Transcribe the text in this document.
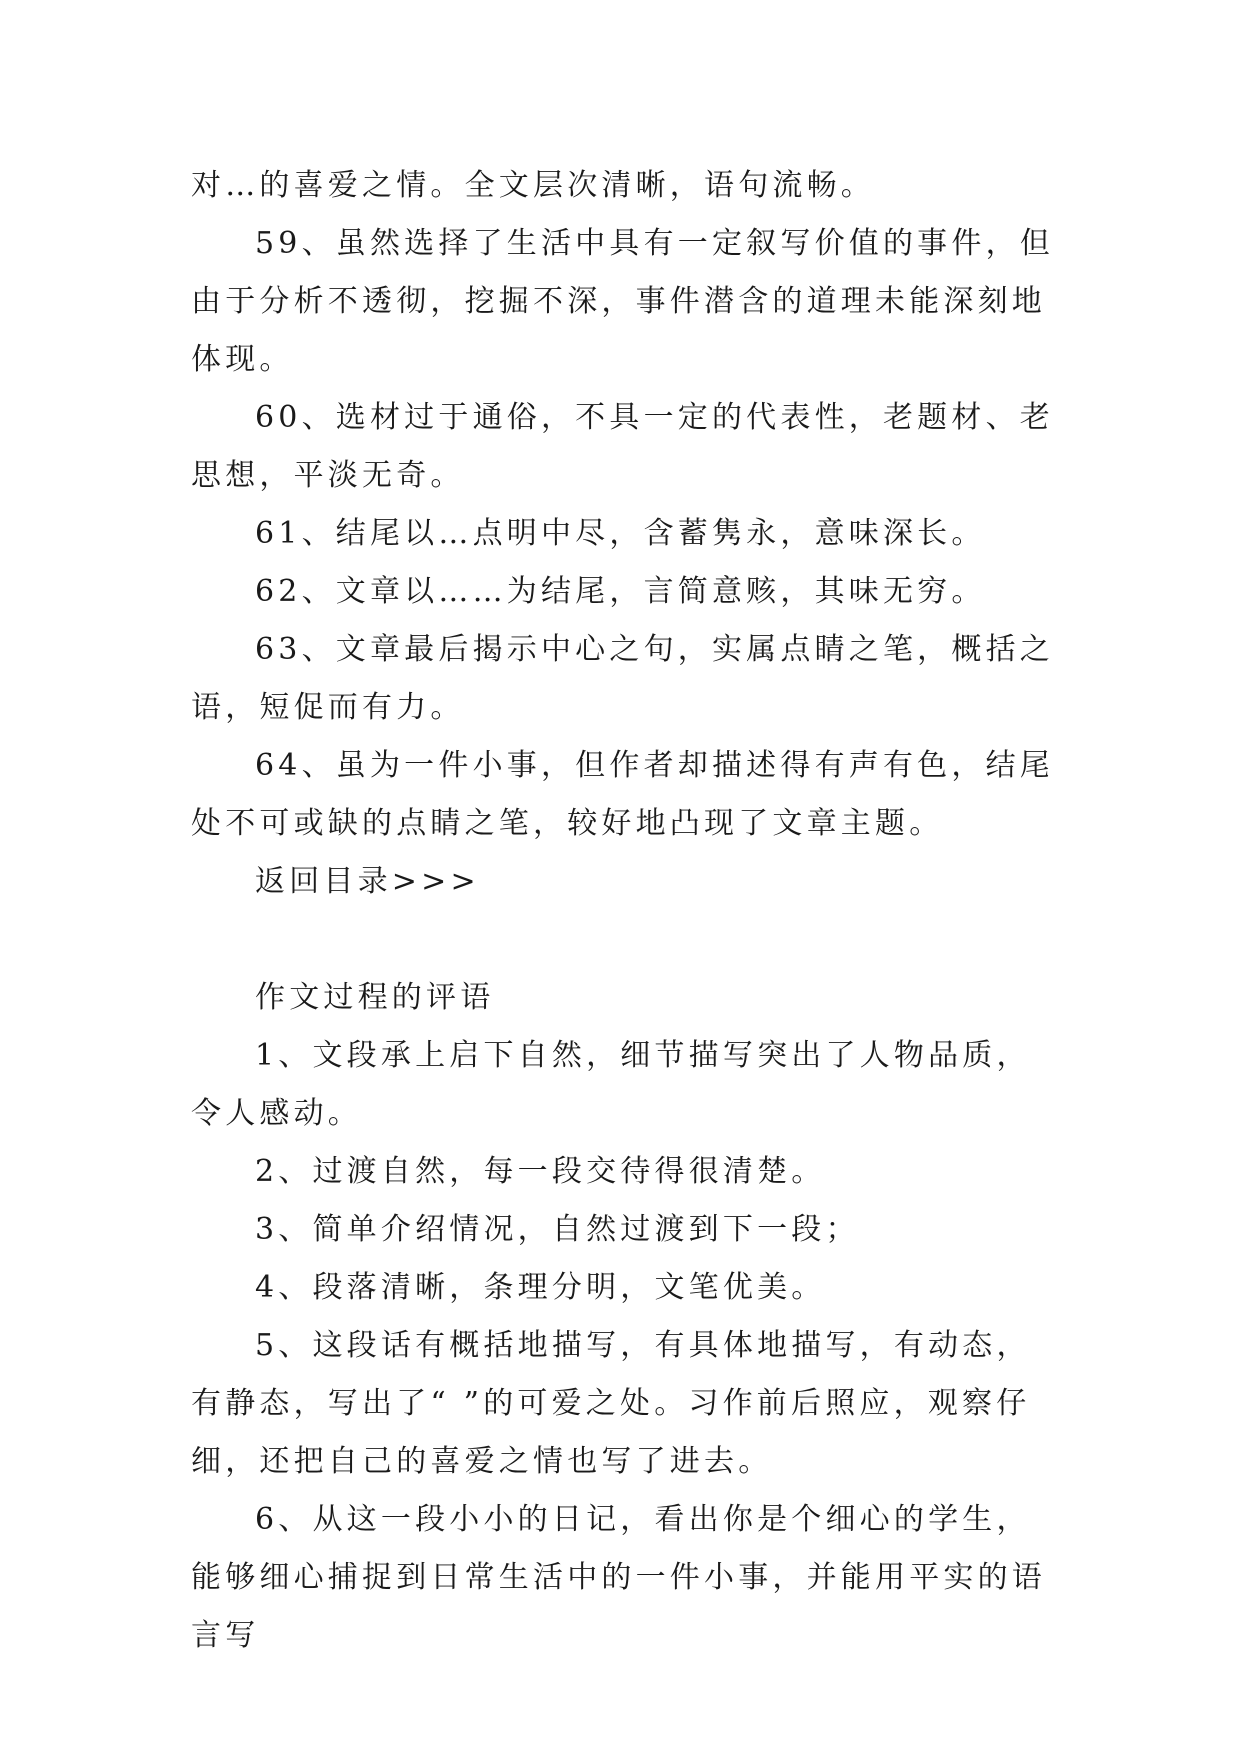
对…的喜爱之情。全文层次清晰，语句流畅。

59、虽然选择了生活中具有一定叙写价值的事件，但由于分析不透彻，挖掘不深，事件潜含的道理未能深刻地体现。

60、选材过于通俗，不具一定的代表性，老题材、老思想，平淡无奇。

61、结尾以…点明中尽，含蓄隽永，意味深长。

62、文章以……为结尾，言简意赅，其味无穷。

63、文章最后揭示中心之句，实属点睛之笔，概括之语，短促而有力。

64、虽为一件小事，但作者却描述得有声有色，结尾处不可或缺的点睛之笔，较好地凸现了文章主题。

返回目录>>>

作文过程的评语

1、文段承上启下自然，细节描写突出了人物品质，令人感动。

2、过渡自然，每一段交待得很清楚。

3、简单介绍情况，自然过渡到下一段；

4、段落清晰，条理分明，文笔优美。

5、这段话有概括地描写，有具体地描写，有动态，有静态，写出了“ ”的可爱之处。习作前后照应，观察仔细，还把自己的喜爱之情也写了进去。

6、从这一段小小的日记，看出你是个细心的学生，能够细心捕捉到日常生活中的一件小事，并能用平实的语言写
